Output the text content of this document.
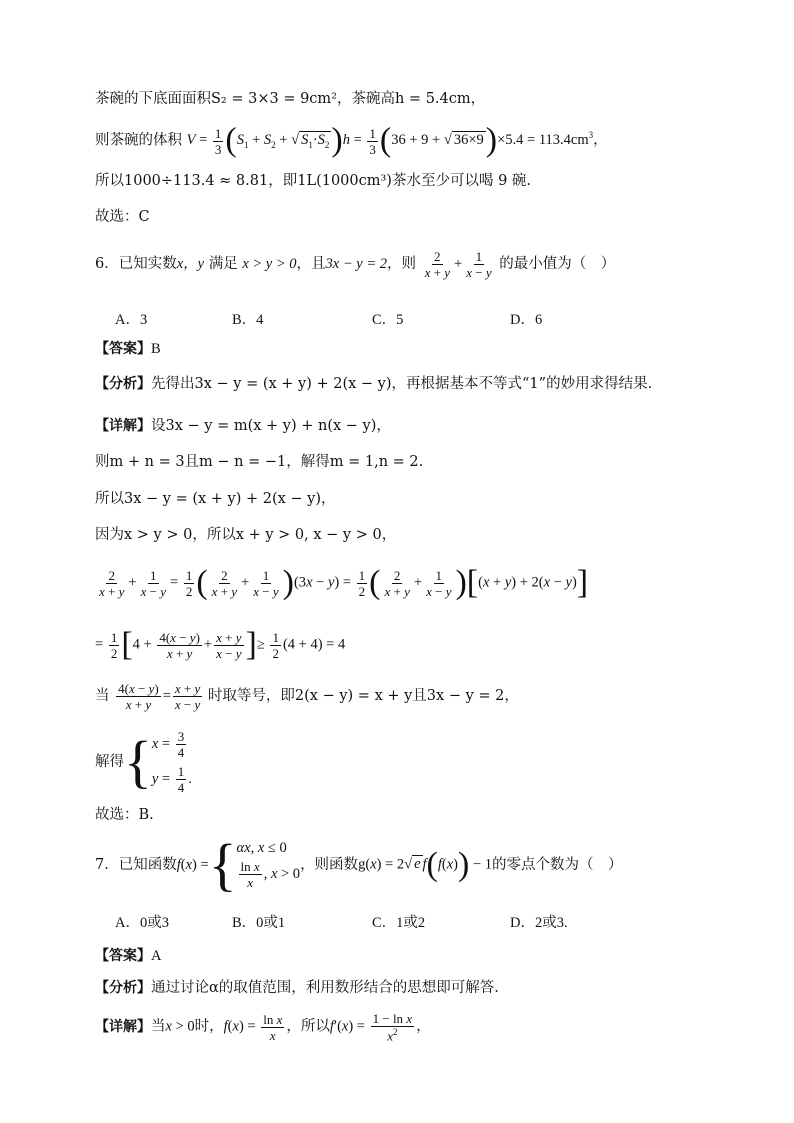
茶碗的下底面面积S₂ = 3×3 = 9cm²，茶碗高h = 5.4cm，
则茶碗的体积 $V = \frac{1}{3} (S_1 + S_2$ + √ $S_1\cdot S_2)h = \frac{1}{3} (36 + 9$ + √ $36\times 9)\times 5.4 = 113.4cm^3$，
所以1000÷113.4 ≈ 8.81，即1L(1000cm³)茶水至少可以喝 9 碗.
故选：C
6．已知实数x，y 满足 x > y > 0，且3x − y = 2，则 $\frac{2}{x + y} + \frac{1}{x - y}$ 的最小值为（　）
A．3	B．4	C．5	D．6
【答案】B
【分析】先得出3x − y = (x + y) + 2(x − y)，再根据基本不等式“1”的妙用求得结果.
【详解】设3x − y = m(x + y) + n(x − y)，
则m + n = 3且m − n = −1，解得m = 1,n = 2.
所以3x − y = (x + y) + 2(x − y)，
因为x > y > 0，所以x + y > 0, x − y > 0，
$\frac{2}{x + y} + \frac{1}{x - y} = \frac{1}{2}$ ( $\frac{2}{x + y} + \frac{1}{x - y} )(3x - y) = \frac{1}{2}$ ( $\frac{2}{x + y} + \frac{1}{x - y} )[(x + y) + 2(x - y)]$
= $\frac{1}{2} [4 + \frac{4(x - y)}{x + y} + \frac{x + y}{x - y}$ ]≥ $\frac{1}{2} (4 + 4) = 4$
当 $\frac{4(x - y)}{x + y} = \frac{x + y}{x - y}$ 时取等号，即2(x − y) = x + y且3x − y = 2，
解得 { $x = \frac{3}{4}$
$y = \frac{1}{4}$ .
故选：B.
7．已知函数 f ( x ) = { αx, x ≤ 0
$\frac{\text{ln x}}{x}$ , x > 0
，则函数 g(x) = 2√ e f(f(x)) − 1 的零点个数为（　）
A．0或3	B．0或1	C．1或2	D．2或3.
【答案】A
【分析】通过讨论α的取值范围，利用数形结合的思想即可解答.
【详解】 当x > 0时，$f(x) = \frac{\text{ln x}}{x}$ ，所以$f'(x) = \frac{\text{1 − ln x}}{x^2}$ ，
